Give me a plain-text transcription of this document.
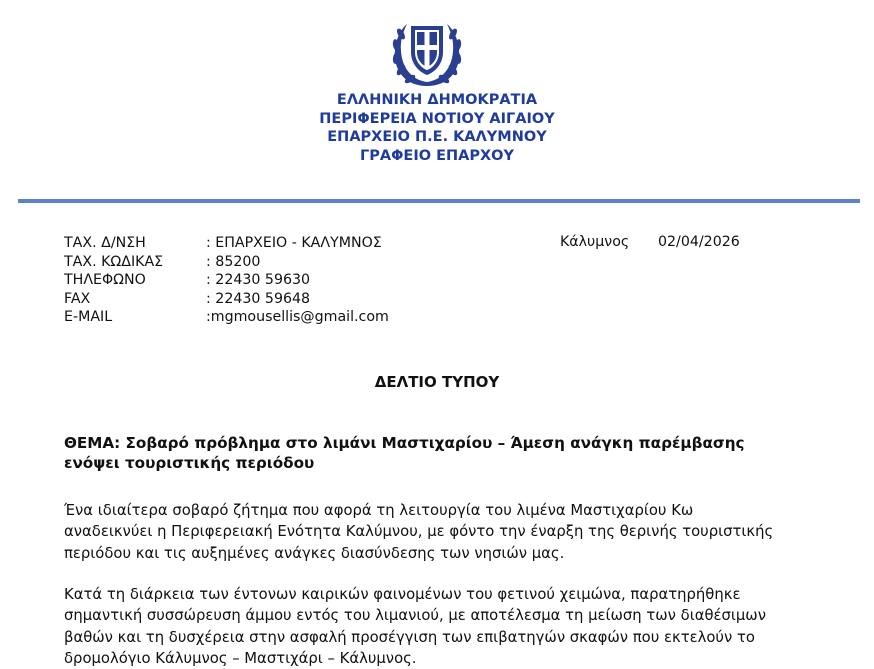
ΕΛΛΗΝΙΚΗ ΔΗΜΟΚΡΑΤΙΑ
ΠΕΡΙΦΕΡΕΙΑ ΝΟΤΙΟΥ ΑΙΓΑΙΟΥ
ΕΠΑΡΧΕΙΟ Π.Ε. ΚΑΛΥΜΝΟΥ
ΓΡΑΦΕΙΟ ΕΠΑΡΧΟΥ
ΤΑΧ. Δ/ΝΣΗ	: ΕΠΑΡΧΕΙΟ - ΚΑΛΥΜΝΟΣ
ΤΑΧ. ΚΩΔΙΚΑΣ	: 85200
ΤΗΛΕΦΩΝΟ	: 22430 59630
FAX	: 22430 59648
E-MAIL	:mgmousellis@gmail.com
Κάλυμνος 02/04/2026
ΔΕΛΤΙΟ ΤΥΠΟΥ
ΘΕΜΑ: Σοβαρό πρόβλημα στο λιμάνι Μαστιχαρίου – Άμεση ανάγκη παρέμβασης
ενόψει τουριστικής περιόδου
Ένα ιδιαίτερα σοβαρό ζήτημα που αφορά τη λειτουργία του λιμένα Μαστιχαρίου Κω
αναδεικνύει η Περιφερειακή Ενότητα Καλύμνου, με φόντο την έναρξη της θερινής τουριστικής
περιόδου και τις αυξημένες ανάγκες διασύνδεσης των νησιών μας.
Κατά τη διάρκεια των έντονων καιρικών φαινομένων του φετινού χειμώνα, παρατηρήθηκε
σημαντική συσσώρευση άμμου εντός του λιμανιού, με αποτέλεσμα τη μείωση των διαθέσιμων
βαθών και τη δυσχέρεια στην ασφαλή προσέγγιση των επιβατηγών σκαφών που εκτελούν το
δρομολόγιο Κάλυμνος – Μαστιχάρι – Κάλυμνος.
